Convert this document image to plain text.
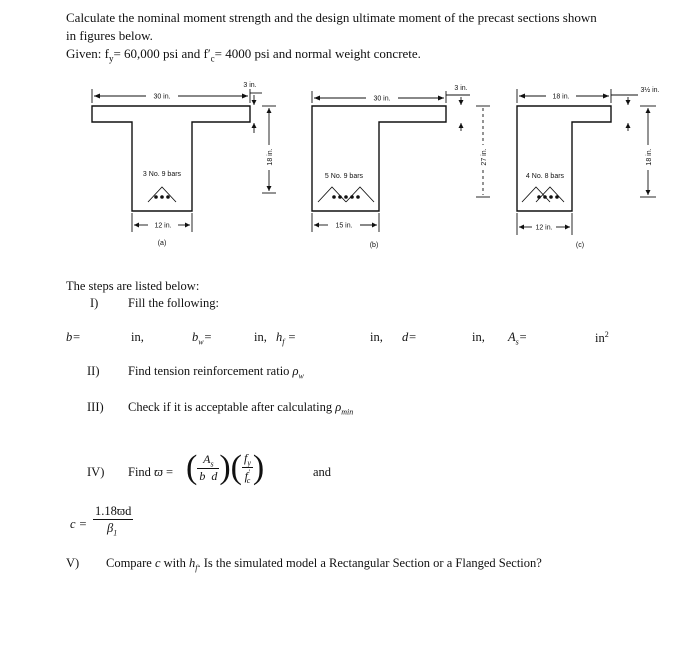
Calculate the nominal moment strength and the design ultimate moment of the precast sections shown
in figures below.
Given: $f_y= 60,000$ psi and $f'_c= 4000$ psi and normal weight concrete.
30 in.
3 in.
18 in.
3 No. 9 bars
12 in.
(a)
30 in.
3 in.
27 in.
5 No. 9 bars
15 in.
(b)
18 in.
3½ in.
18 in.
4 No. 8 bars
12 in.
(c)
The steps are listed below:
I) Fill the following:
b=	in,	$b_w=$	in, $h_f$ =	in, d=	in, $A_s=$	$in^2$
II) Find tension reinforcement ratio $\rho_w$
III) Check if it is acceptable after calculating $\rho_{min}$
IV) Find ϖ = ( $\frac{A_s}{\text{b  d}}$ )( $\frac{f_y}{f'_c}$ )	and
$c = \frac{1.18ϖd}{\beta_1}$
V) Compare c with $h_f$. Is the simulated model a Rectangular Section or a Flanged Section?
